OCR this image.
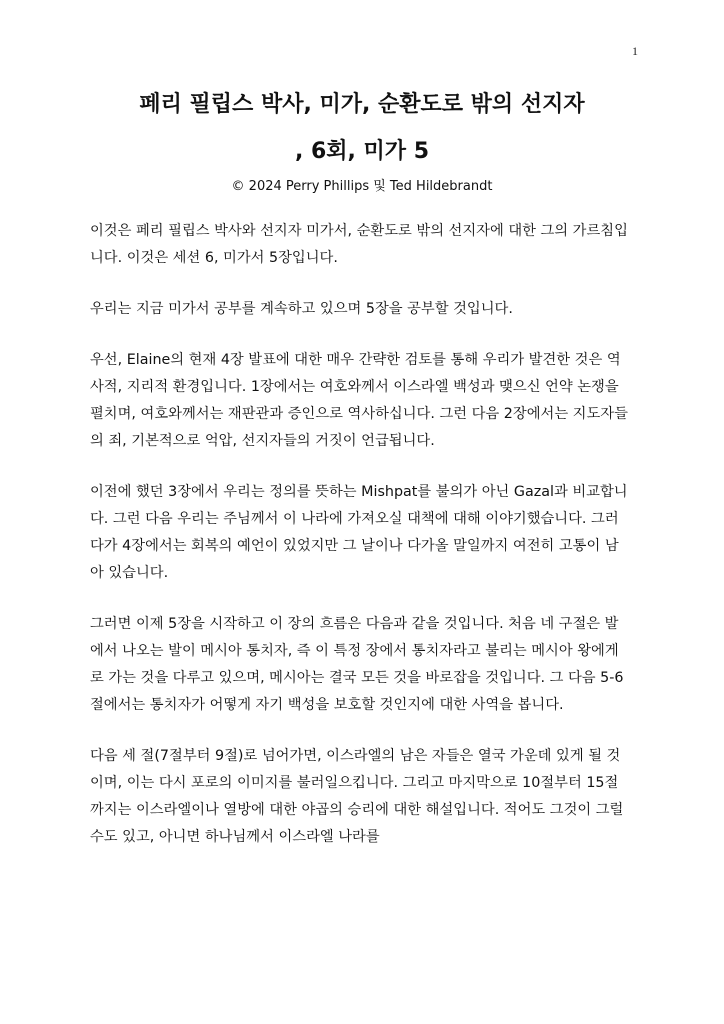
1
페리 필립스 박사, 미가, 순환도로 밖의 선지자
, 6회, 미가 5
© 2024 Perry Phillips 및 Ted Hildebrandt

이것은 페리 필립스 박사와 선지자 미가서, 순환도로 밖의 선지자에 대한 그의 가르침입니다. 이것은 세션 6, 미가서 5장입니다.

우리는 지금 미가서 공부를 계속하고 있으며 5장을 공부할 것입니다.

우선, Elaine의 현재 4장 발표에 대한 매우 간략한 검토를 통해 우리가 발견한 것은 역사적, 지리적 환경입니다. 1장에서는 여호와께서 이스라엘 백성과 맺으신 언약 논쟁을 펼치며, 여호와께서는 재판관과 증인으로 역사하십니다. 그런 다음 2장에서는 지도자들의 죄, 기본적으로 억압, 선지자들의 거짓이 언급됩니다.

이전에 했던 3장에서 우리는 정의를 뜻하는 Mishpat를 불의가 아닌 Gazal과 비교합니다. 그런 다음 우리는 주님께서 이 나라에 가져오실 대책에 대해 이야기했습니다. 그러다가 4장에서는 회복의 예언이 있었지만 그 날이나 다가올 말일까지 여전히 고통이 남아 있습니다.

그러면 이제 5장을 시작하고 이 장의 흐름은 다음과 같을 것입니다. 처음 네 구절은 발에서 나오는 발이 메시아 통치자, 즉 이 특정 장에서 통치자라고 불리는 메시아 왕에게로 가는 것을 다루고 있으며, 메시아는 결국 모든 것을 바로잡을 것입니다. 그 다음 5-6절에서는 통치자가 어떻게 자기 백성을 보호할 것인지에 대한 사역을 봅니다.

다음 세 절(7절부터 9절)로 넘어가면, 이스라엘의 남은 자들은 열국 가운데 있게 될 것이며, 이는 다시 포로의 이미지를 불러일으킵니다. 그리고 마지막으로 10절부터 15절까지는 이스라엘이나 열방에 대한 야곱의 승리에 대한 해설입니다. 적어도 그것이 그럴 수도 있고, 아니면 하나님께서 이스라엘 나라를
